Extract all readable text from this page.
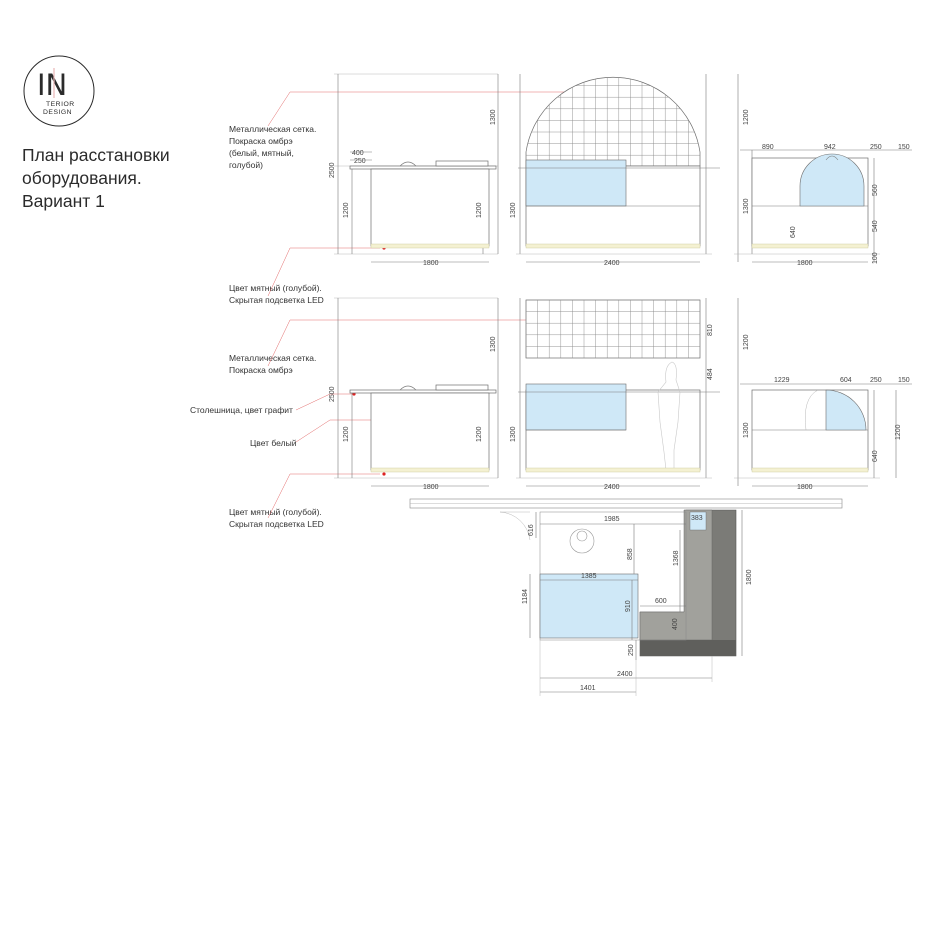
IN
TERIOR
DESIGN
План расстановки
оборудования.
Вариант 1
Металлическая сетка.
Покраска омбрэ
(белый, мятный,
голубой)
Цвет мятный (голубой).
Скрытая подсветка LED
Металлическая сетка.
Покраска омбрэ
Столешница, цвет графит
Цвет белый
Цвет мятный (голубой).
Скрытая подсветка LED
1800
400
250
2500
1200
1300
1200
2400
1300
1800
890	942	250 150
1200
1300
560
640
540
100
1800
2500
1300
1200	1200
2400
810
484
1300
1800
1229	604	250 150
1200
1300	1200
640
1985	383
616
858	1368
1385	1800
1184
910	600
400
250
2400
1401
